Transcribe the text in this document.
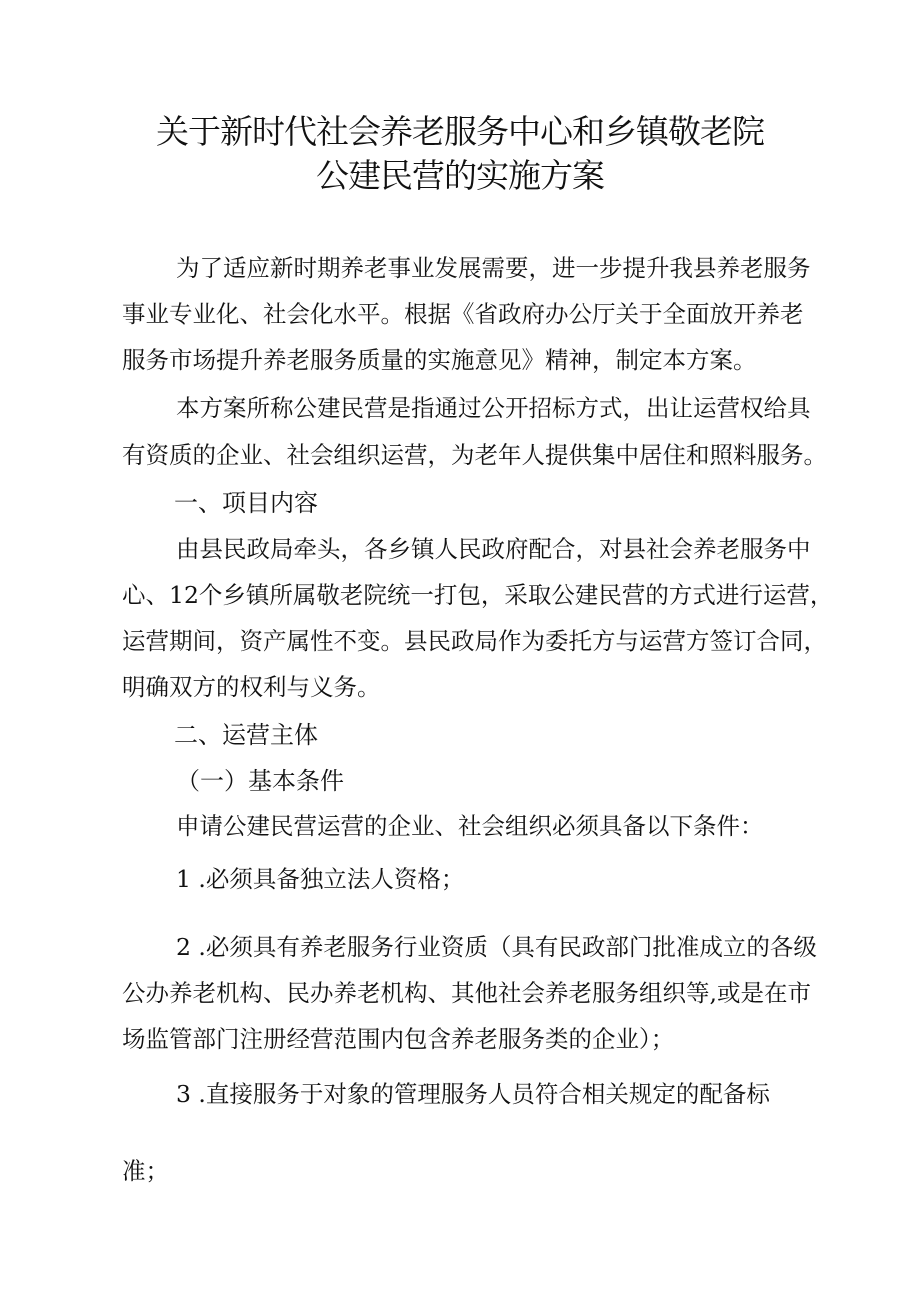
关于新时代社会养老服务中心和乡镇敬老院
公建民营的实施方案
为了适应新时期养老事业发展需要，进一步提升我县养老服务
事业专业化、社会化水平。根据《省政府办公厅关于全面放开养老
服务市场提升养老服务质量的实施意见》精神，制定本方案。
本方案所称公建民营是指通过公开招标方式，出让运营权给具
有资质的企业、社会组织运营，为老年人提供集中居住和照料服务。
一、项目内容
由县民政局牵头，各乡镇人民政府配合，对县社会养老服务中
心、12个乡镇所属敬老院统一打包，采取公建民营的方式进行运营，
运营期间，资产属性不变。县民政局作为委托方与运营方签订合同，
明确双方的权利与义务。
二、运营主体
（一）基本条件
申请公建民营运营的企业、社会组织必须具备以下条件：
1 .必须具备独立法人资格；
2 .必须具有养老服务行业资质（具有民政部门批准成立的各级
公办养老机构、民办养老机构、其他社会养老服务组织等,或是在市
场监管部门注册经营范围内包含养老服务类的企业）；
3 .直接服务于对象的管理服务人员符合相关规定的配备标
准；
